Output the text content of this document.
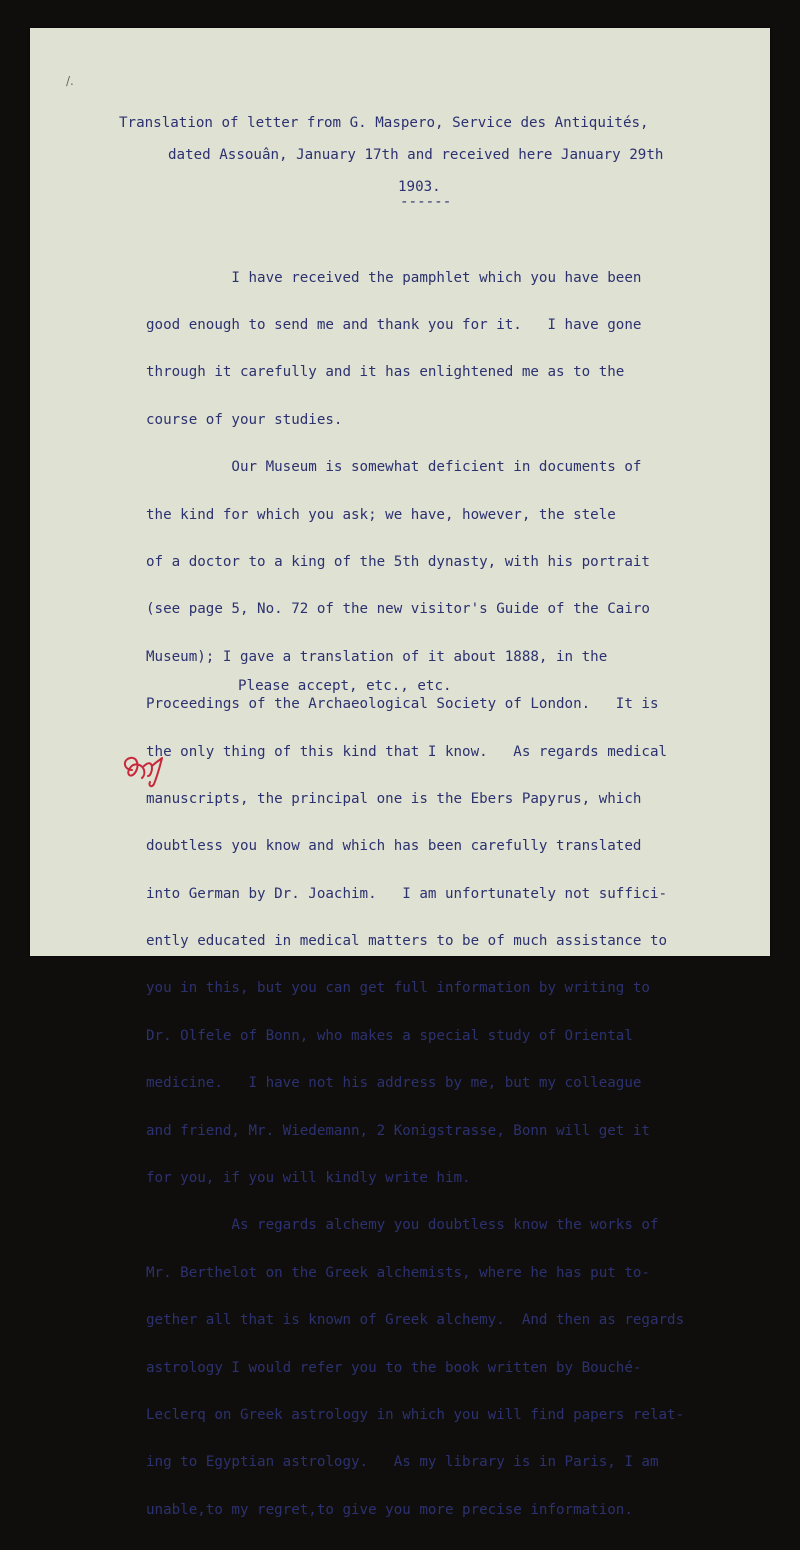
/.
Translation of letter from G. Maspero, Service des Antiquités,
dated Assouân, January 17th and received here January 29th
1903.
------

I have received the pamphlet which you have been

good enough to send me and thank you for it.   I have gone

through it carefully and it has enlightened me as to the

course of your studies.

Our Museum is somewhat deficient in documents of

the kind for which you ask; we have, however, the stele

of a doctor to a king of the 5th dynasty, with his portrait

(see page 5, No. 72 of the new visitor's Guide of the Cairo

Museum); I gave a translation of it about 1888, in the

Proceedings of the Archaeological Society of London.   It is

the only thing of this kind that I know.   As regards medical

manuscripts, the principal one is the Ebers Papyrus, which

doubtless you know and which has been carefully translated

into German by Dr. Joachim.   I am unfortunately not suffici-

ently educated in medical matters to be of much assistance to

you in this, but you can get full information by writing to

Dr. Olfele of Bonn, who makes a special study of Oriental

medicine.   I have not his address by me, but my colleague

and friend, Mr. Wiedemann, 2 Konigstrasse, Bonn will get it

for you, if you will kindly write him.

As regards alchemy you doubtless know the works of

Mr. Berthelot on the Greek alchemists, where he has put to-

gether all that is known of Greek alchemy.  And then as regards

astrology I would refer you to the book written by Bouché-

Leclerq on Greek astrology in which you will find papers relat-

ing to Egyptian astrology.   As my library is in Paris, I am

unable,to my regret,to give you more precise information.

Please accept, etc., etc.
